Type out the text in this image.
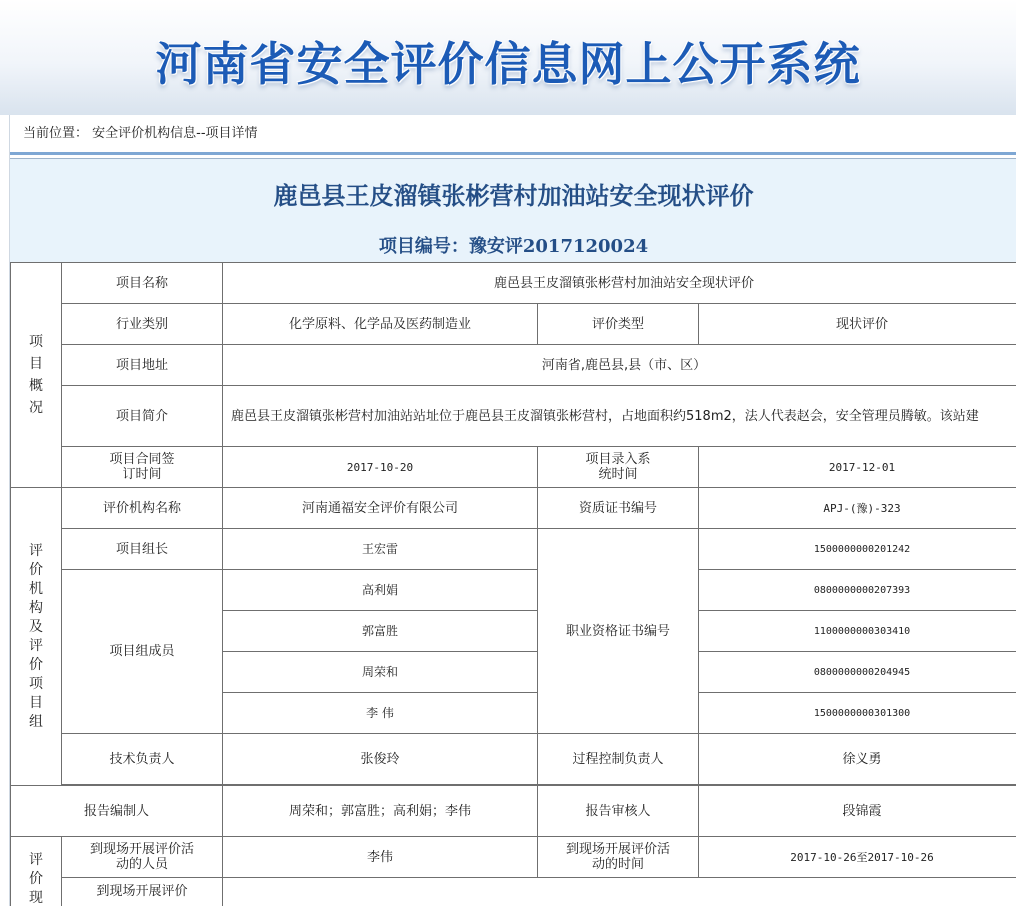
河南省安全评价信息网上公开系统
当前位置： 安全评价机构信息--项目详情
鹿邑县王皮溜镇张彬营村加油站安全现状评价
项目编号：豫安评2017120024
项目概况	项目名称	鹿邑县王皮溜镇张彬营村加油站安全现状评价		
	行业类别	化学原料、化学品及医药制造业	评价类型	现状评价
	项目地址	河南省,鹿邑县,县（市、区）		
	项目简介	鹿邑县王皮溜镇张彬营村加油站站址位于鹿邑县王皮溜镇张彬营村，占地面积约518m2，法人代表赵会，安全管理员腾敏。该站建		
	项目合同签订时间	2017-10-20	项目录入系统时间	2017-12-01
评价机构及评价项目组	评价机构名称	河南通福安全评价有限公司	资质证书编号	APJ-(豫)-323
	项目组长	王宏雷	职业资格证书编号	1500000000201242
	项目组成员	高利娟		0800000000207393
		郭富胜		1100000000303410
		周荣和		0800000000204945
		李 伟		1500000000301300
	技术负责人	张俊玲	过程控制负责人	徐义勇

报告编制人		周荣和；郭富胜；高利娟；李伟	报告审核人	段锦霞
评价现	到现场开展评价活动的人员	李伟	到现场开展评价活动的时间	2017-10-26至2017-10-26
	到现场开展评价			
